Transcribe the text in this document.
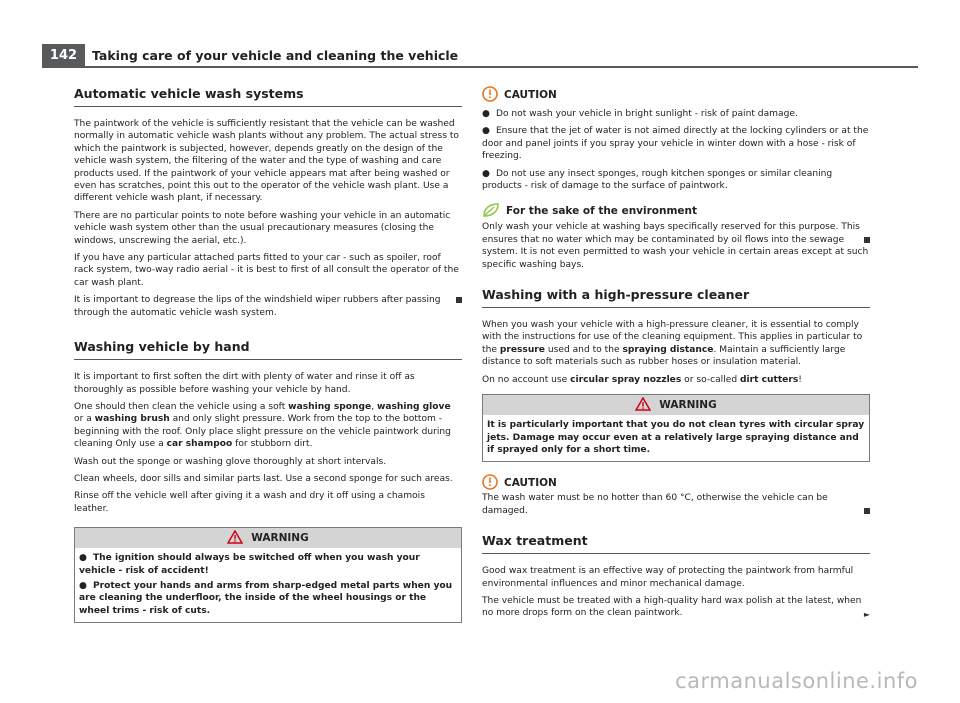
142	Taking care of your vehicle and cleaning the vehicle
Automatic vehicle wash systems

The paintwork of the vehicle is sufficiently resistant that the vehicle can be washed normally in automatic vehicle wash plants without any problem. The actual stress to which the paintwork is subjected, however, depends greatly on the design of the vehicle wash system, the filtering of the water and the type of washing and care products used. If the paintwork of your vehicle appears mat after being washed or even has scratches, point this out to the operator of the vehicle wash plant. Use a different vehicle wash plant, if necessary.

There are no particular points to note before washing your vehicle in an automatic vehicle wash system other than the usual precautionary measures (closing the windows, unscrewing the aerial, etc.).

If you have any particular attached parts fitted to your car - such as spoiler, roof rack system, two-way radio aerial - it is best to first of all consult the operator of the car wash plant.

It is important to degrease the lips of the windshield wiper rubbers after passing through the automatic vehicle wash system.

Washing vehicle by hand

It is important to first soften the dirt with plenty of water and rinse it off as thoroughly as possible before washing your vehicle by hand.

One should then clean the vehicle using a soft washing sponge, washing glove or a washing brush and only slight pressure. Work from the top to the bottom - beginning with the roof. Only place slight pressure on the vehicle paintwork during cleaning Only use a car shampoo for stubborn dirt.

Wash out the sponge or washing glove thoroughly at short intervals.

Clean wheels, door sills and similar parts last. Use a second sponge for such areas.

Rinse off the vehicle well after giving it a wash and dry it off using a chamois leather.

WARNING

● The ignition should always be switched off when you wash your vehicle - risk of accident!

● Protect your hands and arms from sharp-edged metal parts when you are cleaning the underfloor, the inside of the wheel housings or the wheel trims - risk of cuts.

CAUTION

● Do not wash your vehicle in bright sunlight - risk of paint damage.

● Ensure that the jet of water is not aimed directly at the locking cylinders or at the door and panel joints if you spray your vehicle in winter down with a hose - risk of freezing.

● Do not use any insect sponges, rough kitchen sponges or similar cleaning products - risk of damage to the surface of paintwork.

For the sake of the environment

Only wash your vehicle at washing bays specifically reserved for this purpose. This ensures that no water which may be contaminated by oil flows into the sewage system. It is not even permitted to wash your vehicle in certain areas except at such specific washing bays.

Washing with a high-pressure cleaner

When you wash your vehicle with a high-pressure cleaner, it is essential to comply with the instructions for use of the cleaning equipment. This applies in particular to the pressure used and to the spraying distance. Maintain a sufficiently large distance to soft materials such as rubber hoses or insulation material.

On no account use circular spray nozzles or so-called dirt cutters!

WARNING

It is particularly important that you do not clean tyres with circular spray jets. Damage may occur even at a relatively large spraying distance and if sprayed only for a short time.

CAUTION

The wash water must be no hotter than 60 °C, otherwise the vehicle can be damaged.

Wax treatment

Good wax treatment is an effective way of protecting the paintwork from harmful environmental influences and minor mechanical damage.

►
The vehicle must be treated with a high-quality hard wax polish at the latest, when no more drops form on the clean paintwork.

carmanualsonline.info
